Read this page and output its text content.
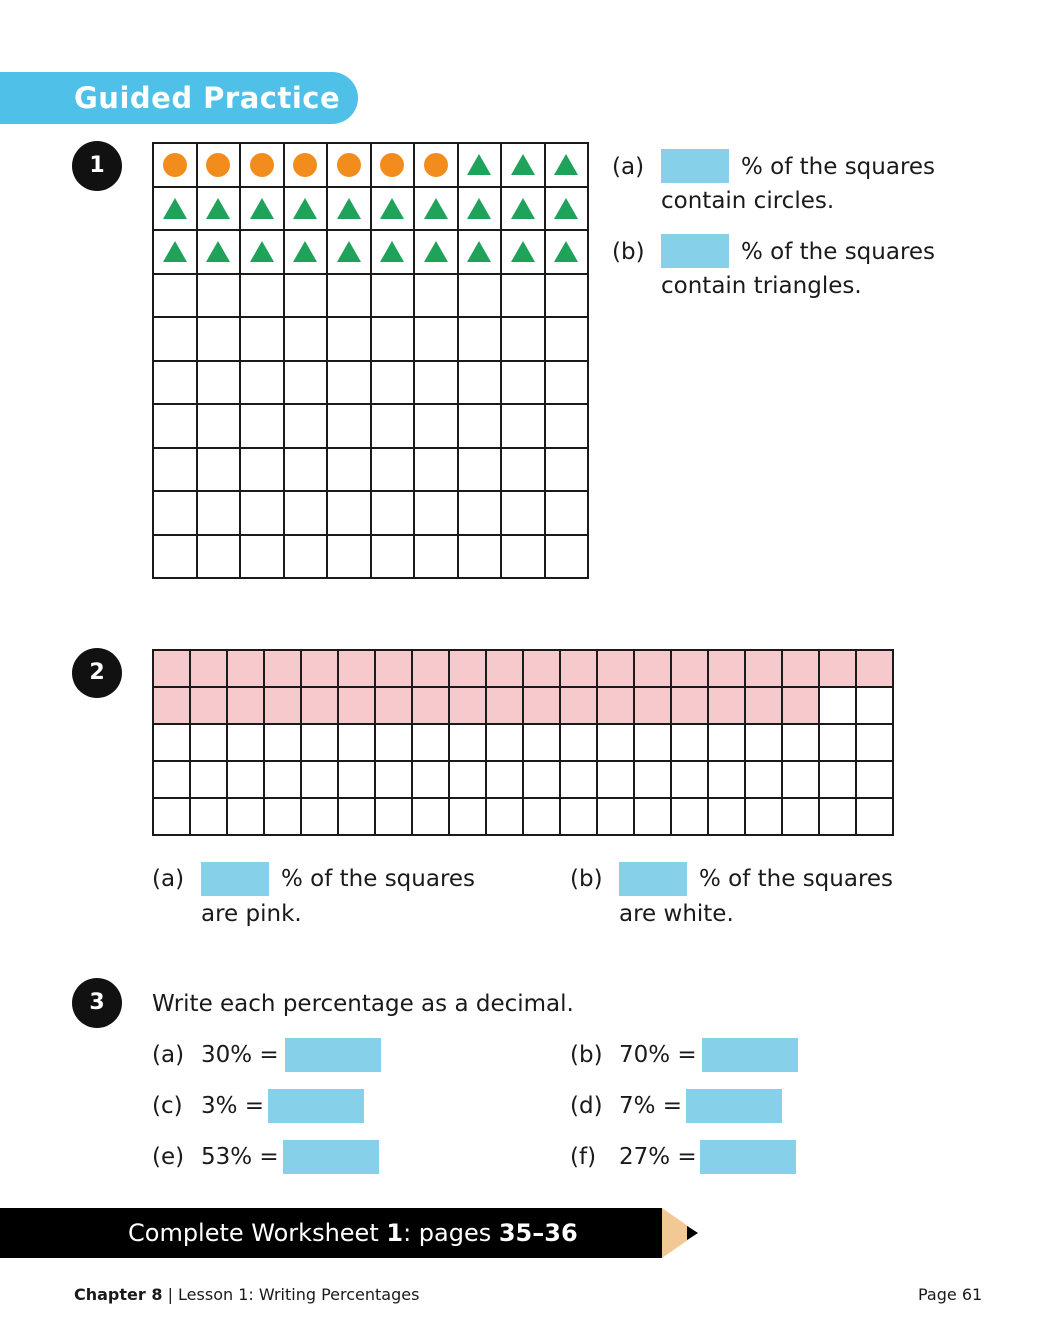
Guided Practice
1

										(a)	% of the squares
contain circles.
(b)	% of the squares
contain triangles.
2

(a)	% of the squares
are pink.
(b)	% of the squares
are white.
3	Write each percentage as a decimal.
(a) 30% =	(b) 70% =
(c) 3% =	(d) 7% =
(e) 53% =	(f) 27% =
Complete Worksheet 1: pages 35–36
Chapter 8 | Lesson 1: Writing Percentages	Page 61
